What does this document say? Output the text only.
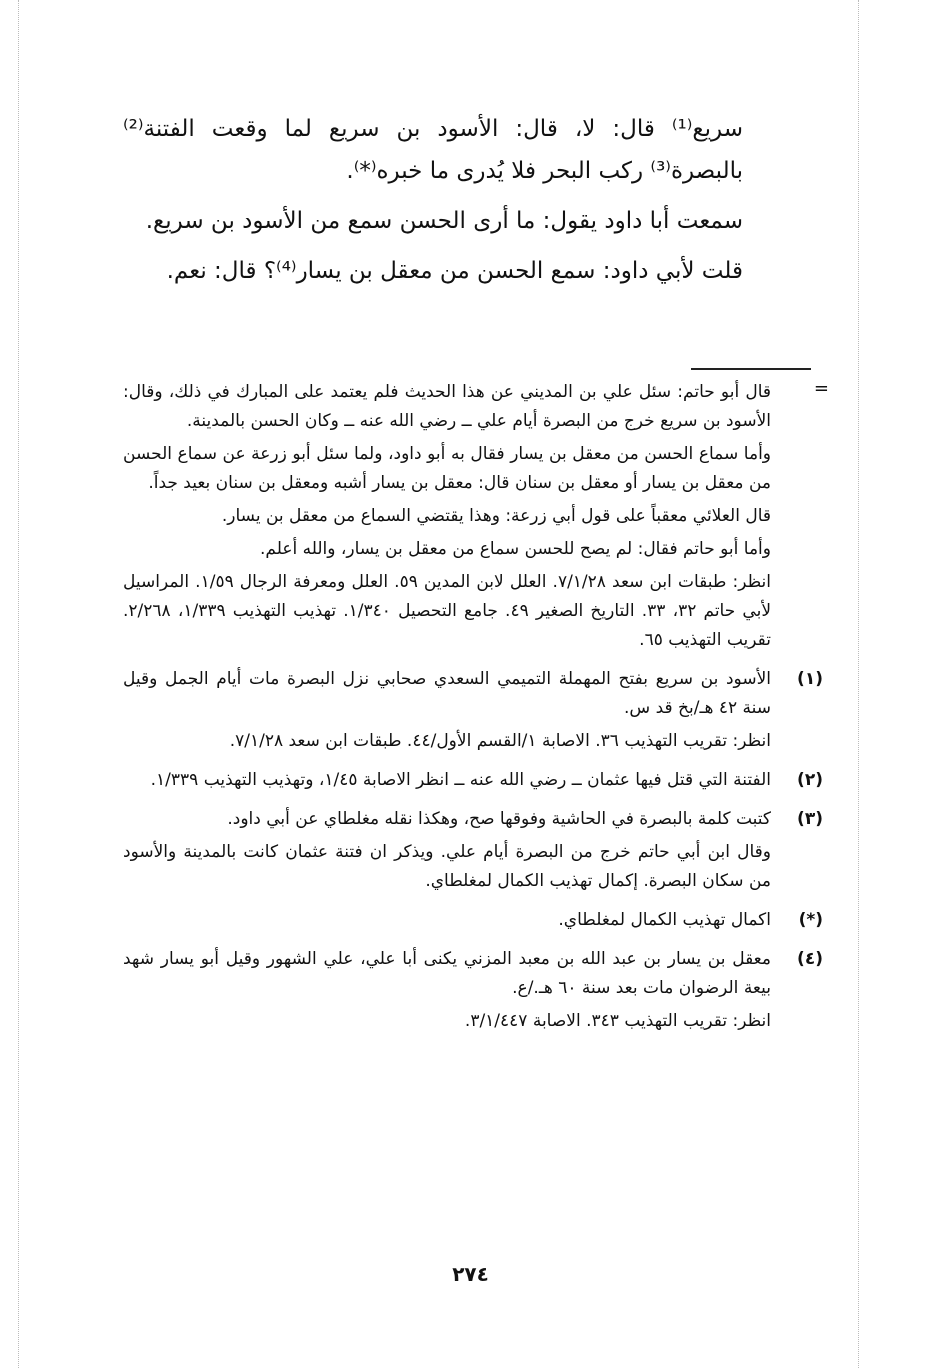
سريع⁽¹⁾ قال: لا، قال: الأسود بن سريع لما وقعت الفتنة⁽²⁾ بالبصرة⁽³⁾ ركب البحر فلا يُدرى ما خبره⁽*⁾.

سمعت أبا داود يقول: ما أرى الحسن سمع من الأسود بن سريع.

قلت لأبي داود: سمع الحسن من معقل بن يسار⁽⁴⁾؟ قال: نعم.

=

قال أبو حاتم: سئل علي بن المديني عن هذا الحديث فلم يعتمد على المبارك في ذلك، وقال: الأسود بن سريع خرج من البصرة أيام علي ــ رضي الله عنه ــ وكان الحسن بالمدينة.

وأما سماع الحسن من معقل بن يسار فقال به أبو داود، ولما سئل أبو زرعة عن سماع الحسن من معقل بن يسار أو معقل بن سنان قال: معقل بن يسار أشبه ومعقل بن سنان بعيد جداً.

قال العلائي معقباً على قول أبي زرعة: وهذا يقتضي السماع من معقل بن يسار.

وأما أبو حاتم فقال: لم يصح للحسن سماع من معقل بن يسار، والله أعلم.

انظر: طبقات ابن سعد ٧/١/٢٨. العلل لابن المدين ٥٩. العلل ومعرفة الرجال ١/٥٩. المراسيل لأبي حاتم ٣٢، ٣٣. التاريخ الصغير ٤٩. جامع التحصيل ١/٣٤٠. تهذيب التهذيب ١/٣٣٩، ٢/٢٦٨. تقريب التهذيب ٦٥.

(١)

الأسود بن سريع بفتح المهملة التميمي السعدي صحابي نزل البصرة مات أيام الجمل وقيل سنة ٤٢ هـ/بخ قد س.

انظر: تقريب التهذيب ٣٦. الاصابة ١/القسم الأول/٤٤. طبقات ابن سعد ٧/١/٢٨.

(٢)

الفتنة التي قتل فيها عثمان ــ رضي الله عنه ــ انظر الاصابة ١/٤٥، وتهذيب التهذيب ١/٣٣٩.

(٣)

كتبت كلمة بالبصرة في الحاشية وفوقها صح، وهكذا نقله مغلطاي عن أبي داود.

وقال ابن أبي حاتم خرج من البصرة أيام علي. ويذكر ان فتنة عثمان كانت بالمدينة والأسود من سكان البصرة. إكمال تهذيب الكمال لمغلطاي.

(*)

اكمال تهذيب الكمال لمغلطاي.

(٤)

معقل بن يسار بن عبد الله بن معبد المزني يكنى أبا علي، علي الشهور وقيل أبو يسار شهد بيعة الرضوان مات بعد سنة ٦٠ هـ./ع.

انظر: تقريب التهذيب ٣٤٣. الاصابة ٣/١/٤٤٧.

٢٧٤
